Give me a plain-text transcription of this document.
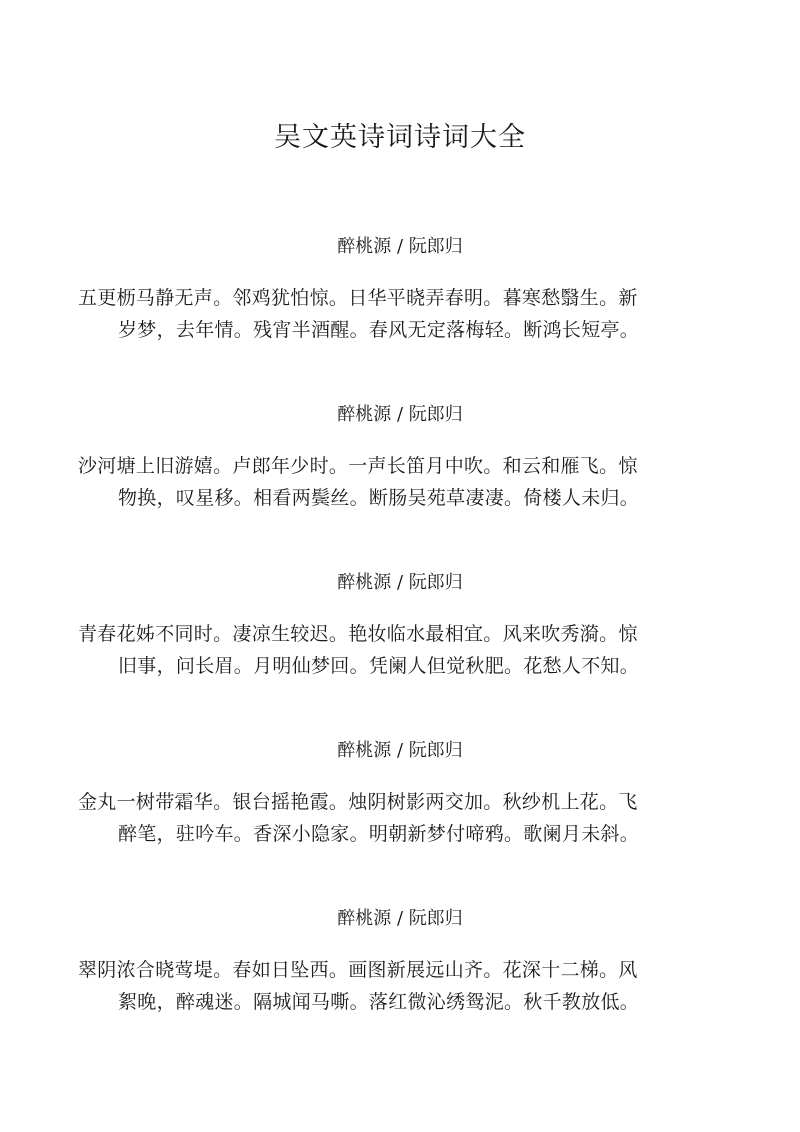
吴文英诗词诗词大全
醉桃源 / 阮郎归
五更枥马静无声。邻鸡犹怕惊。日华平晓弄春明。暮寒愁翳生。新
岁梦，去年情。残宵半酒醒。春风无定落梅轻。断鸿长短亭。
醉桃源 / 阮郎归
沙河塘上旧游嬉。卢郎年少时。一声长笛月中吹。和云和雁飞。惊
物换，叹星移。相看两鬓丝。断肠吴苑草凄凄。倚楼人未归。
醉桃源 / 阮郎归
青春花姊不同时。凄凉生较迟。艳妆临水最相宜。风来吹秀漪。惊
旧事，问长眉。月明仙梦回。凭阑人但觉秋肥。花愁人不知。
醉桃源 / 阮郎归
金丸一树带霜华。银台摇艳霞。烛阴树影两交加。秋纱机上花。飞
醉笔，驻吟车。香深小隐家。明朝新梦付啼鸦。歌阑月未斜。
醉桃源 / 阮郎归
翠阴浓合晓莺堤。春如日坠西。画图新展远山齐。花深十二梯。风
絮晚，醉魂迷。隔城闻马嘶。落红微沁绣鸳泥。秋千教放低。
